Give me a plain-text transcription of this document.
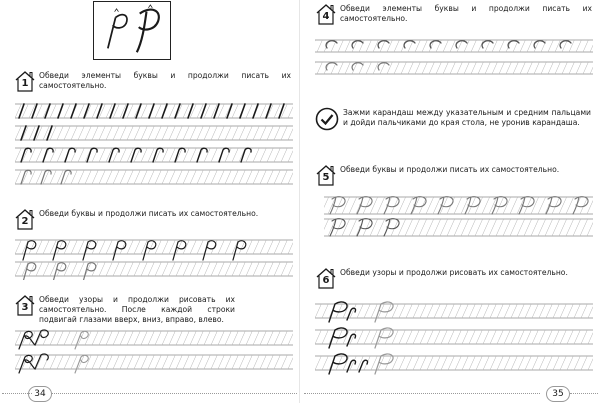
1
Обведи элементы буквы и продолжи писать их самостоятельно.
2
Обведи буквы и продолжи писать их самостоятельно.
3
Обведи узоры и продолжи рисовать их самостоятельно. После каждой строки подвигай глазами вверх, вниз, вправо, влево.
34
4
Обведи элементы буквы и продолжи писать их самостоятельно.
Зажми карандаш между указательным и средним пальцами и дойди пальчиками до края стола, не уронив карандаша.
5
Обведи буквы и продолжи писать их самостоятельно.
6
Обведи узоры и продолжи рисовать их самостоятельно.
35
